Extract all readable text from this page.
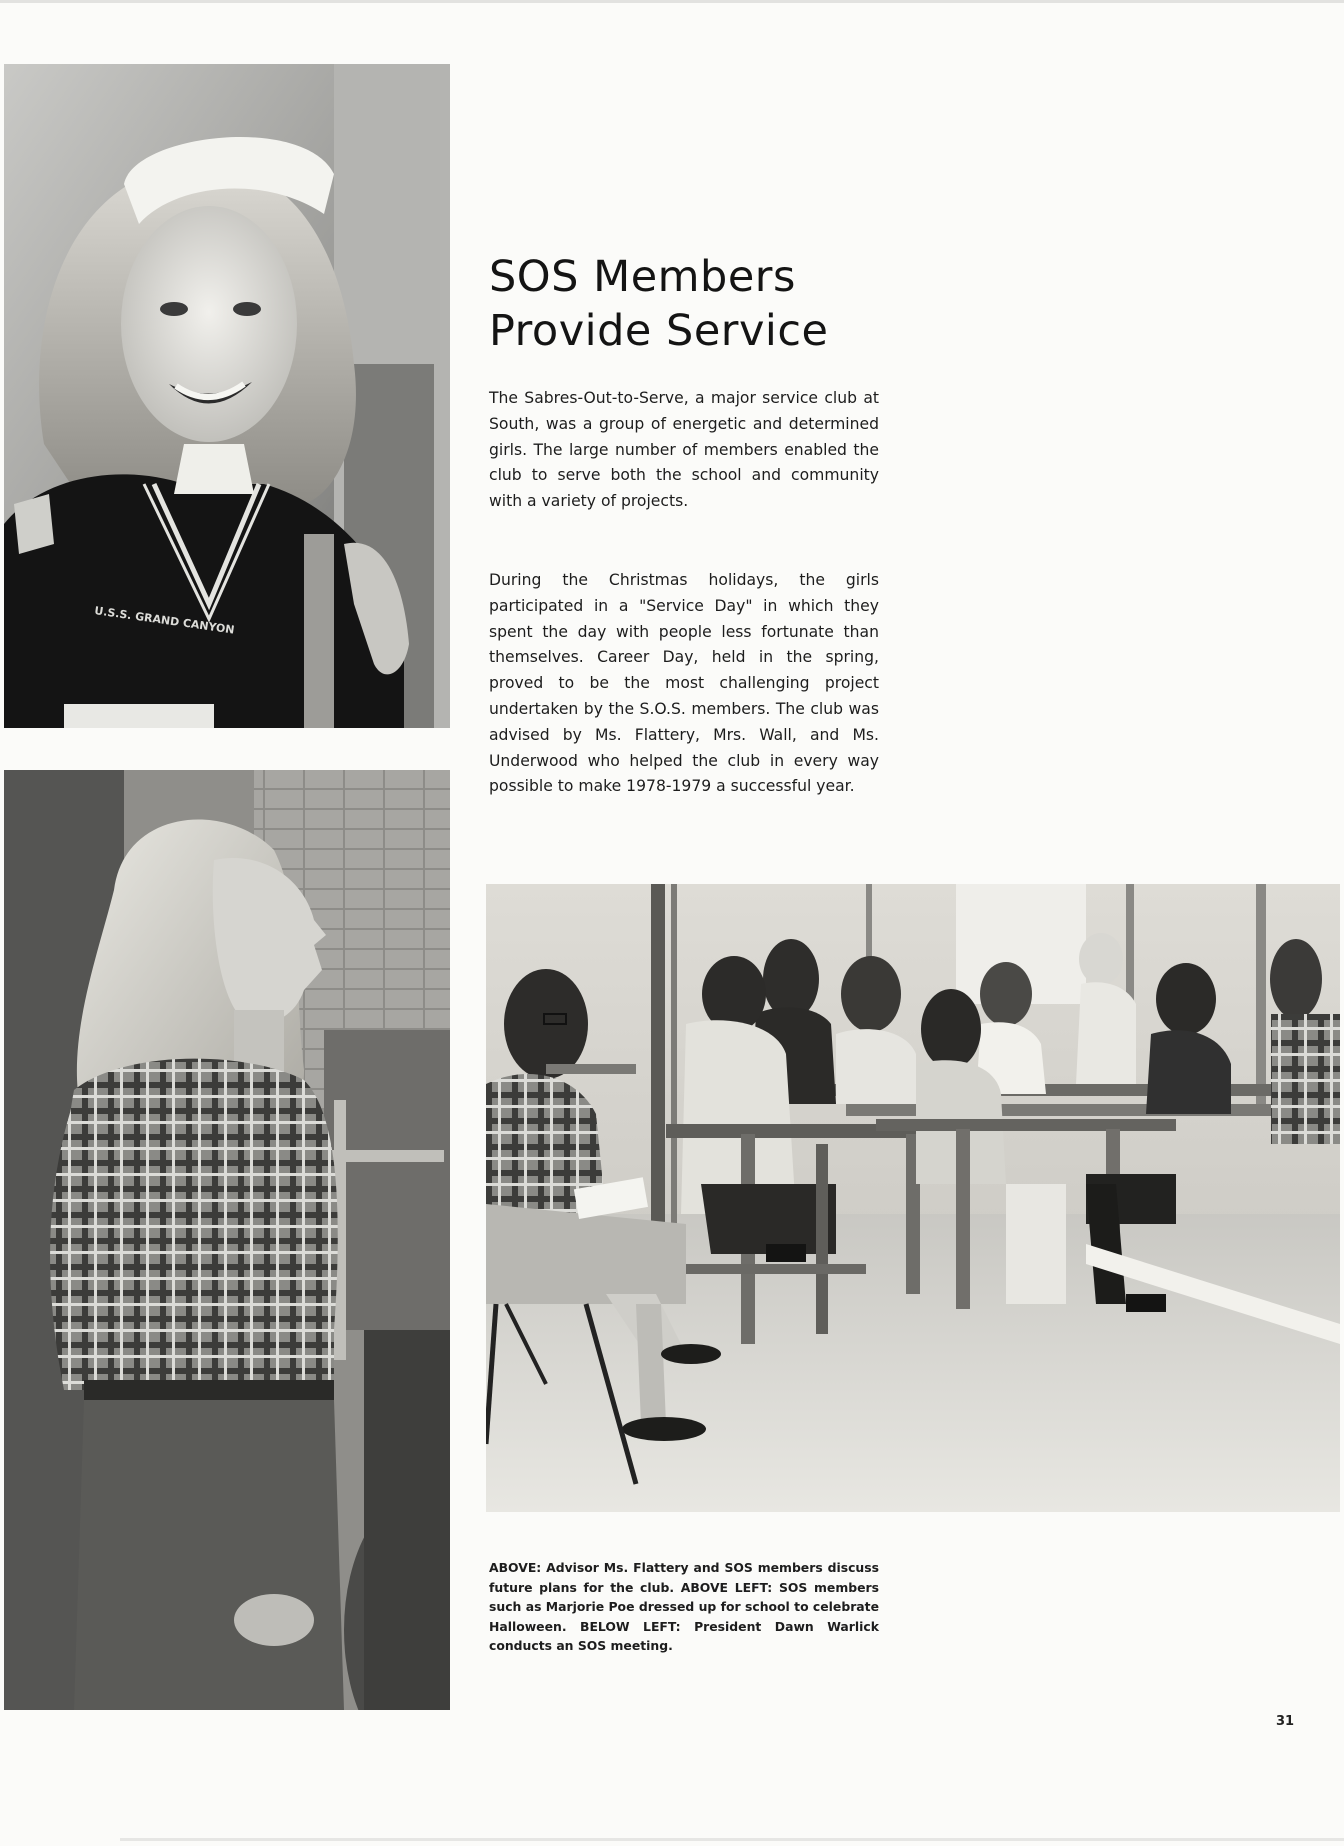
U.S.S. GRAND CANYON
SOS Members
Provide Service

The Sabres-Out-to-Serve, a major service club at South, was a group of energetic and determined girls. The large number of members enabled the club to serve both the school and community with a variety of projects.

During the Christmas holidays, the girls participated in a "Service Day" in which they spent the day with people less fortunate than themselves. Career Day, held in the spring, proved to be the most challenging project undertaken by the S.O.S. members. The club was advised by Ms. Flattery, Mrs. Wall, and Ms. Underwood who helped the club in every way possible to make 1978-1979 a successful year.

ABOVE: Advisor Ms. Flattery and SOS members discuss future plans for the club. ABOVE LEFT: SOS members such as Marjorie Poe dressed up for school to celebrate Halloween. BELOW LEFT: President Dawn Warlick conducts an SOS meeting.

31
